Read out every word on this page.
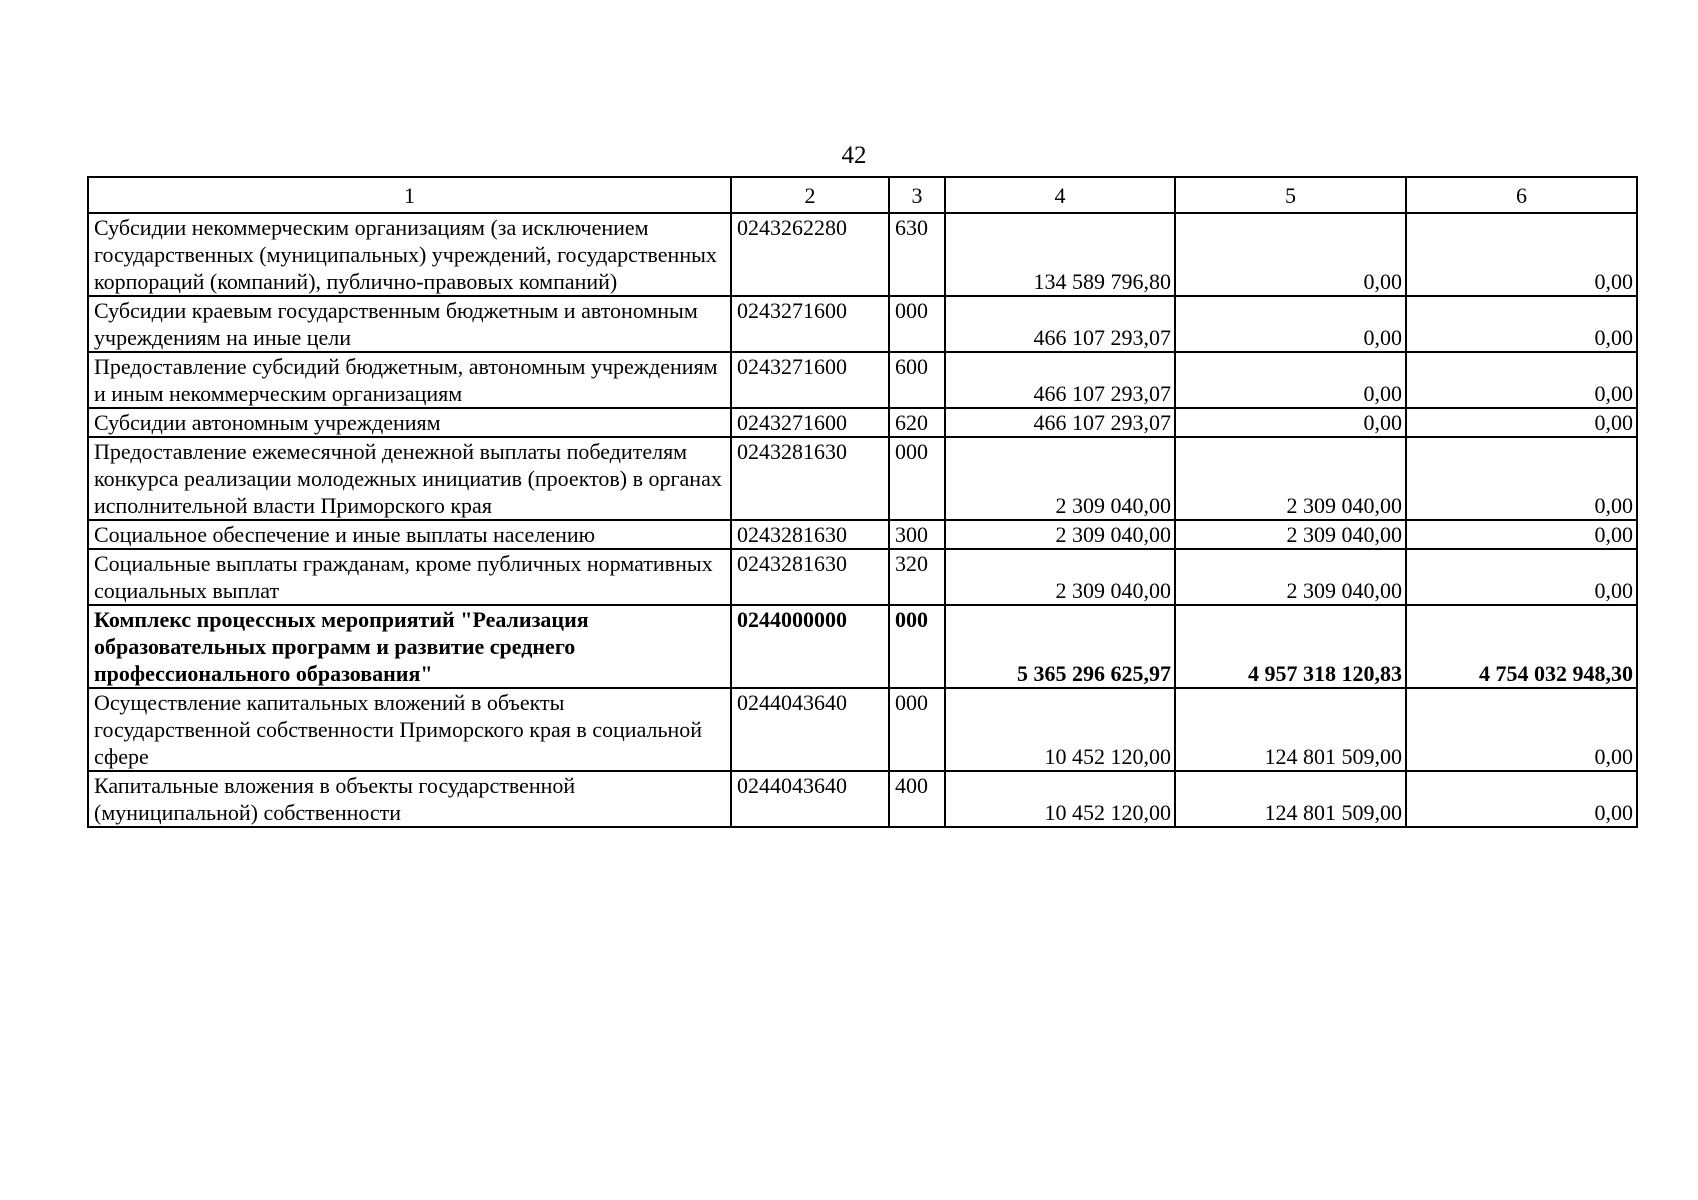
42
1	2	3	4	5	6
Субсидии некоммерческим организациям (за исключением государственных (муниципальных) учреждений, государственных корпораций (компаний), публично-правовых компаний)	0243262280	630	134 589 796,80	0,00	0,00
Субсидии краевым государственным бюджетным и автономным учреждениям на иные цели	0243271600	000	466 107 293,07	0,00	0,00
Предоставление субсидий бюджетным, автономным учреждениям и иным некоммерческим организациям	0243271600	600	466 107 293,07	0,00	0,00
Субсидии автономным учреждениям	0243271600	620	466 107 293,07	0,00	0,00
Предоставление ежемесячной денежной выплаты победителям конкурса реализации молодежных инициатив (проектов) в органах исполнительной власти Приморского края	0243281630	000	2 309 040,00	2 309 040,00	0,00
Социальное обеспечение и иные выплаты населению	0243281630	300	2 309 040,00	2 309 040,00	0,00
Социальные выплаты гражданам, кроме публичных нормативных социальных выплат	0243281630	320	2 309 040,00	2 309 040,00	0,00
Комплекс процессных мероприятий "Реализация образовательных программ и развитие среднего профессионального образования"	0244000000	000	5 365 296 625,97	4 957 318 120,83	4 754 032 948,30
Осуществление капитальных вложений в объекты государственной собственности Приморского края в социальной сфере	0244043640	000	10 452 120,00	124 801 509,00	0,00
Капитальные вложения в объекты государственной (муниципальной) собственности	0244043640	400	10 452 120,00	124 801 509,00	0,00
